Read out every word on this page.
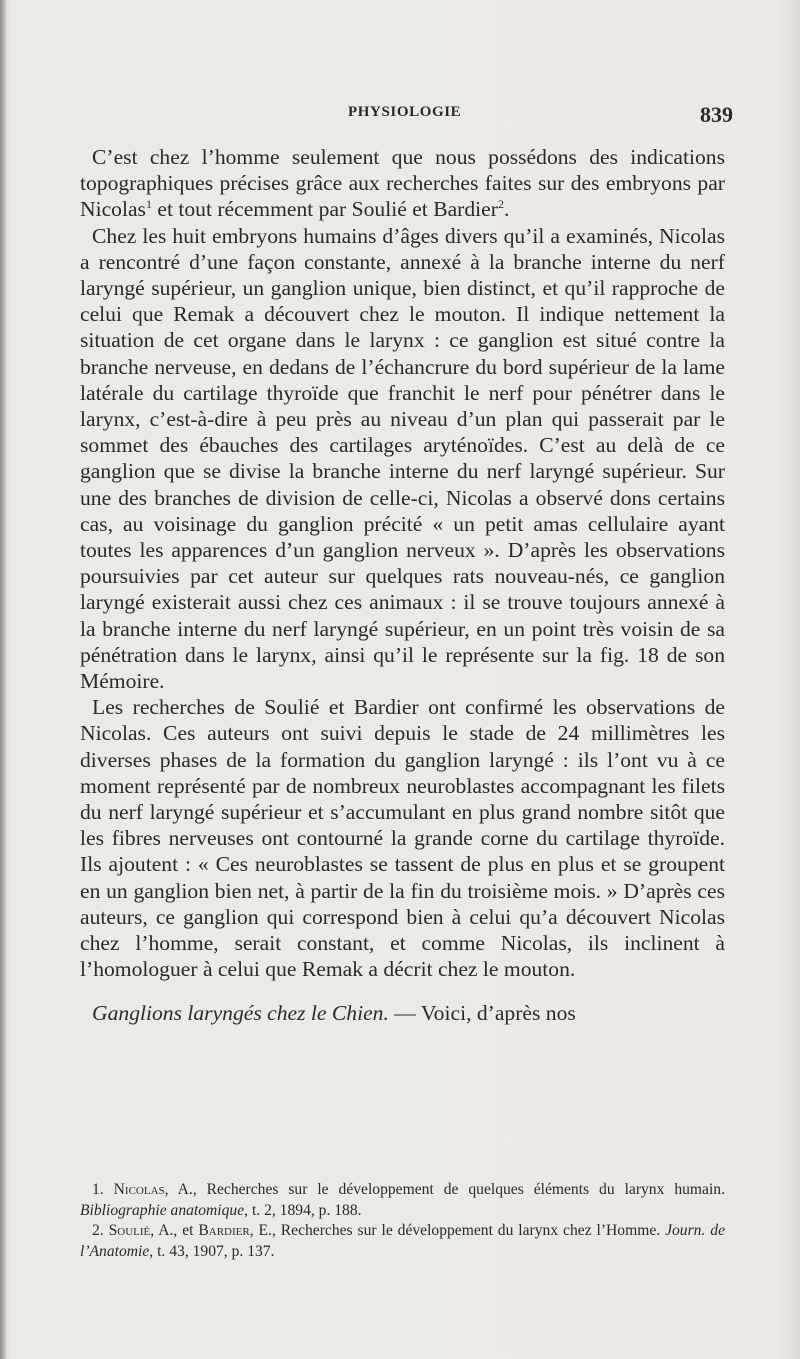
PHYSIOLOGIE	839

C’est chez l’homme seulement que nous possédons des indications topographiques précises grâce aux recherches faites sur des embryons par Nicolas$^1$ et tout récemment par Soulié et Bardier$^2$.

Chez les huit embryons humains d’âges divers qu’il a examinés, Nicolas a rencontré d’une façon constante, annexé à la branche interne du nerf laryngé supérieur, un ganglion unique, bien distinct, et qu’il rapproche de celui que Remak a découvert chez le mouton. Il indique nettement la situation de cet organe dans le larynx : ce ganglion est situé contre la branche nerveuse, en dedans de l’échancrure du bord supérieur de la lame latérale du cartilage thyroïde que franchit le nerf pour pénétrer dans le larynx, c’est-à-dire à peu près au niveau d’un plan qui passerait par le sommet des ébauches des cartilages aryténoïdes. C’est au delà de ce ganglion que se divise la branche interne du nerf laryngé supérieur. Sur une des branches de division de celle-ci, Nicolas a observé dons certains cas, au voisinage du ganglion précité « un petit amas cellulaire ayant toutes les apparences d’un ganglion nerveux ». D’après les observations poursuivies par cet auteur sur quelques rats nouveau-nés, ce ganglion laryngé existerait aussi chez ces animaux : il se trouve toujours annexé à la branche interne du nerf laryngé supérieur, en un point très voisin de sa pénétration dans le larynx, ainsi qu’il le représente sur la fig. 18 de son Mémoire.

Les recherches de Soulié et Bardier ont confirmé les observations de Nicolas. Ces auteurs ont suivi depuis le stade de 24 millimètres les diverses phases de la formation du ganglion laryngé : ils l’ont vu à ce moment représenté par de nombreux neuroblastes accompagnant les filets du nerf laryngé supérieur et s’accumulant en plus grand nombre sitôt que les fibres nerveuses ont contourné la grande corne du cartilage thyroïde. Ils ajoutent : « Ces neuroblastes se tassent de plus en plus et se groupent en un ganglion bien net, à partir de la fin du troisième mois. » D’après ces auteurs, ce ganglion qui correspond bien à celui qu’a découvert Nicolas chez l’homme, serait constant, et comme Nicolas, ils inclinent à l’homologuer à celui que Remak a décrit chez le mouton.

Ganglions laryngés chez le Chien. — Voici, d’après nos

1. Nicolas, A., Recherches sur le développement de quelques éléments du larynx humain. Bibliographie anatomique, t. 2, 1894, p. 188.

2. Soulié, A., et Bardier, E., Recherches sur le développement du larynx chez l’Homme. Journ. de l’Anatomie, t. 43, 1907, p. 137.
